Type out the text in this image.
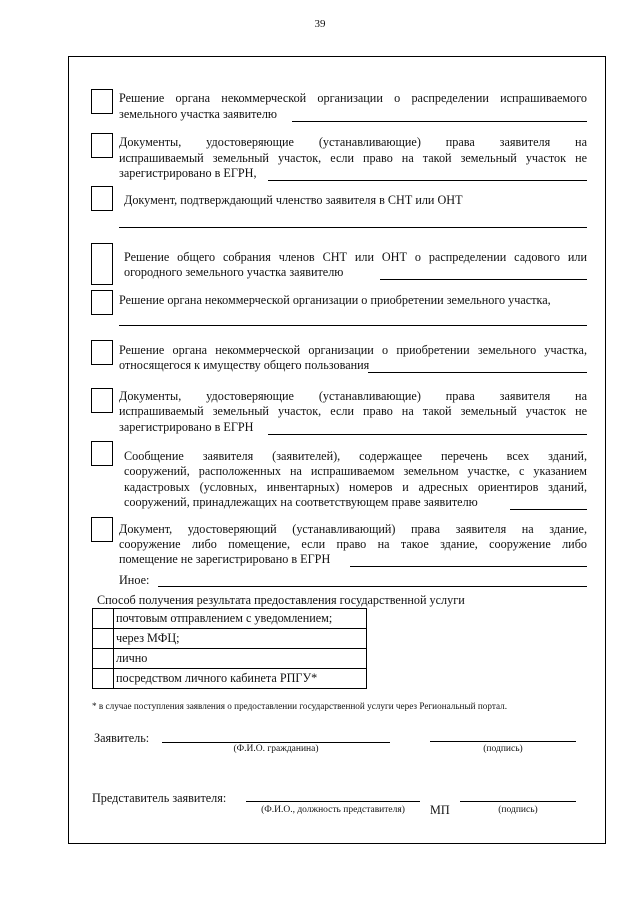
39
Решение органа некоммерческой организации о распределении испрашиваемого
земельного участка заявителю
Документы, удостоверяющие (устанавливающие) права заявителя на
испрашиваемый земельный участок, если право на такой земельный участок не
зарегистрировано в ЕГРН,
Документ, подтверждающий членство заявителя в СНТ или ОНТ
Решение общего собрания членов СНТ или ОНТ о распределении садового или
огородного земельного участка заявителю
Решение органа некоммерческой организации о приобретении земельного участка,
Решение органа некоммерческой организации о приобретении земельного участка,
относящегося к имуществу общего пользования
Документы, удостоверяющие (устанавливающие) права заявителя на
испрашиваемый земельный участок, если право на такой земельный участок не
зарегистрировано в ЕГРН
Сообщение заявителя (заявителей), содержащее перечень всех зданий,
сооружений, расположенных на испрашиваемом земельном участке, с указанием
кадастровых (условных, инвентарных) номеров и адресных ориентиров зданий,
сооружений, принадлежащих на соответствующем праве заявителю
Документ, удостоверяющий (устанавливающий) права заявителя на здание,
сооружение либо помещение, если право на такое здание, сооружение либо
помещение не зарегистрировано в ЕГРН
Иное:
Способ получения результата предоставления государственной услуги
	почтовым отправлением с уведомлением;
	через МФЦ;
	лично
	посредством личного кабинета РПГУ*
* в случае поступления заявления о предоставлении государственной услуги через Региональный портал.
Заявитель:
(Ф.И.О. гражданина)	(подпись)
Представитель заявителя:
(Ф.И.О., должность представителя)	МП	(подпись)
